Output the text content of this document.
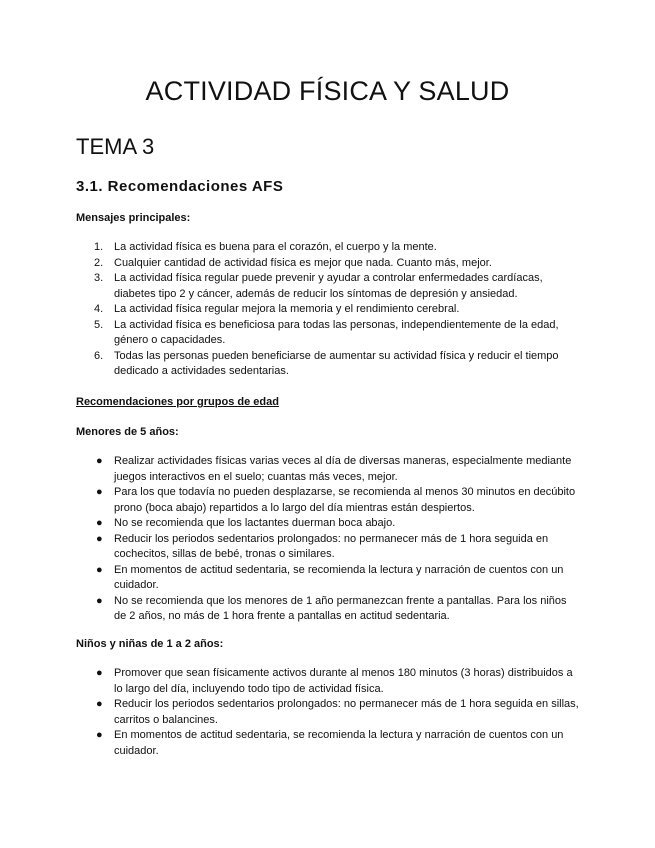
ACTIVIDAD FÍSICA Y SALUD
TEMA 3
3.1. Recomendaciones AFS

Mensajes principales:

1. La actividad física es buena para el corazón, el cuerpo y la mente.
2. Cualquier cantidad de actividad física es mejor que nada. Cuanto más, mejor.
3. La actividad física regular puede prevenir y ayudar a controlar enfermedades cardíacas, diabetes tipo 2 y cáncer, además de reducir los síntomas de depresión y ansiedad.
4. La actividad física regular mejora la memoria y el rendimiento cerebral.
5. La actividad física es beneficiosa para todas las personas, independientemente de la edad, género o capacidades.
6. Todas las personas pueden beneficiarse de aumentar su actividad física y reducir el tiempo dedicado a actividades sedentarias.

Recomendaciones por grupos de edad

Menores de 5 años:

● Realizar actividades físicas varias veces al día de diversas maneras, especialmente mediante juegos interactivos en el suelo; cuantas más veces, mejor.
● Para los que todavía no pueden desplazarse, se recomienda al menos 30 minutos en decúbito prono (boca abajo) repartidos a lo largo del día mientras están despiertos.
● No se recomienda que los lactantes duerman boca abajo.
● Reducir los periodos sedentarios prolongados: no permanecer más de 1 hora seguida en cochecitos, sillas de bebé, tronas o similares.
● En momentos de actitud sedentaria, se recomienda la lectura y narración de cuentos con un cuidador.
● No se recomienda que los menores de 1 año permanezcan frente a pantallas. Para los niños de 2 años, no más de 1 hora frente a pantallas en actitud sedentaria.

Niños y niñas de 1 a 2 años:

● Promover que sean físicamente activos durante al menos 180 minutos (3 horas) distribuidos a lo largo del día, incluyendo todo tipo de actividad física.
● Reducir los periodos sedentarios prolongados: no permanecer más de 1 hora seguida en sillas, carritos o balancines.
● En momentos de actitud sedentaria, se recomienda la lectura y narración de cuentos con un cuidador.
